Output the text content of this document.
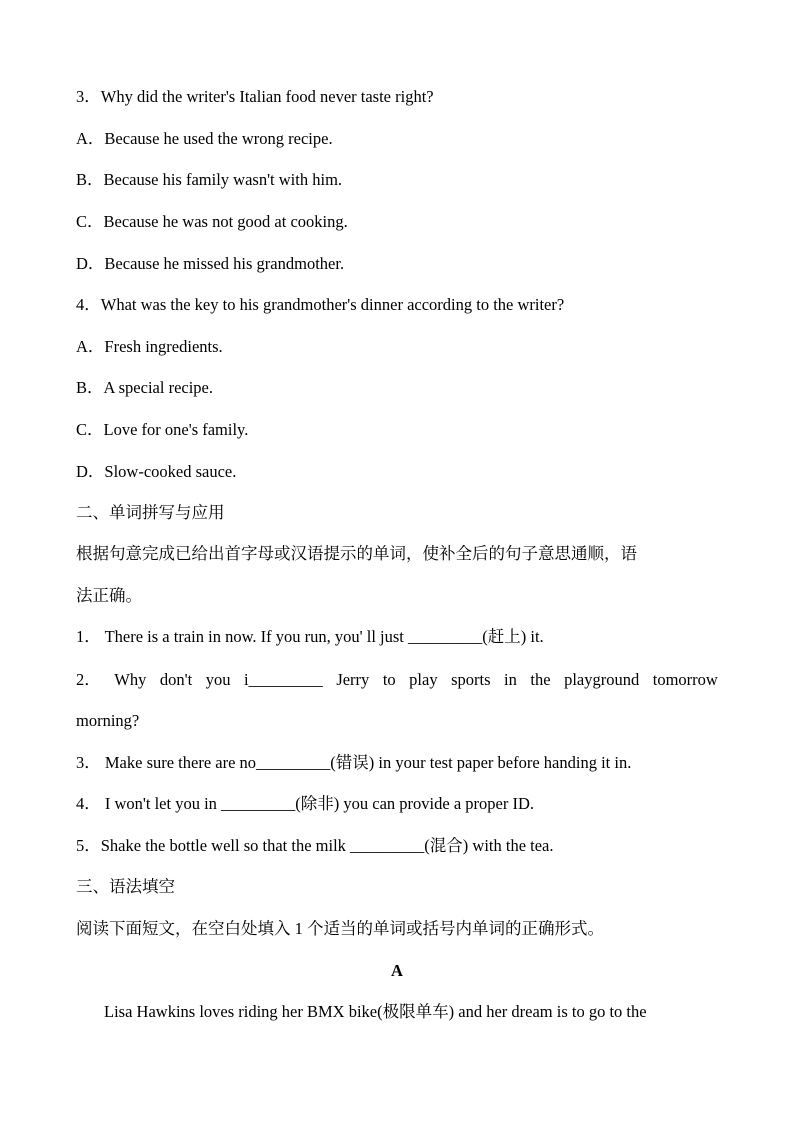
3．Why did the writer's Italian food never taste right?
A．Because he used the wrong recipe.
B．Because his family wasn't with him.
C．Because he was not good at cooking.
D．Because he missed his grandmother.
4．What was the key to his grandmother's dinner according to the writer?
A．Fresh ingredients.
B．A special recipe.
C．Love for one's family.
D．Slow-cooked sauce.
二、单词拼写与应用
根据句意完成已给出首字母或汉语提示的单词，使补全后的句子意思通顺，语
法正确。
1． There is a train in now. If you run, you' ll just _________(赶上) it.
2． Why don't you i_________ Jerry to play sports in the playground tomorrow
morning?
3． Make sure there are no_________(错误) in your test paper before handing it in.
4． I won't let you in _________(除非) you can provide a proper ID.
5．Shake the bottle well so that the milk _________(混合) with the tea.
三、语法填空
阅读下面短文，在空白处填入 1 个适当的单词或括号内单词的正确形式。
A
Lisa Hawkins loves riding her BMX bike(极限单车) and her dream is to go to the
